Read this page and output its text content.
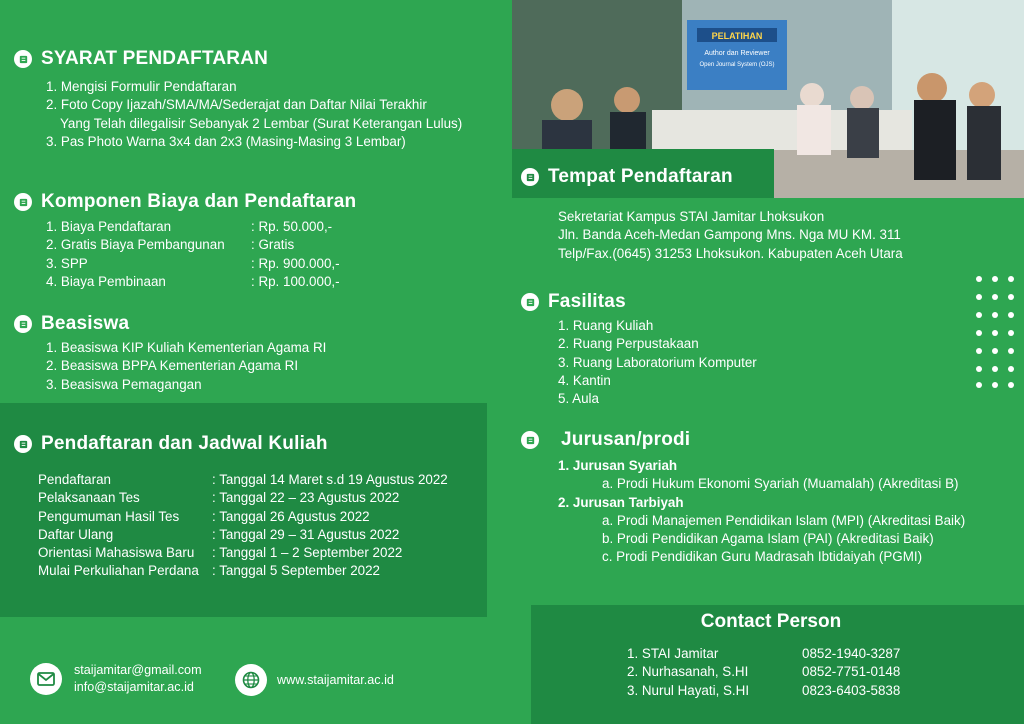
SYARAT PENDAFTARAN
1. Mengisi Formulir Pendaftaran
2. Foto Copy Ijazah/SMA/MA/Sederajat dan Daftar Nilai Terakhir
Yang Telah dilegalisir Sebanyak 2 Lembar (Surat Keterangan Lulus)
3. Pas Photo Warna 3x4 dan 2x3 (Masing-Masing 3 Lembar)
Komponen Biaya dan Pendaftaran
1. Biaya Pendaftaran	: Rp. 50.000,-
2. Gratis Biaya Pembangunan	: Gratis
3. SPP	: Rp. 900.000,-
4. Biaya Pembinaan	: Rp. 100.000,-
Beasiswa
1. Beasiswa KIP Kuliah Kementerian Agama RI
2. Beasiswa BPPA Kementerian Agama RI
3. Beasiswa Pemagangan
Pendaftaran dan Jadwal Kuliah
Pendaftaran	: Tanggal 14 Maret s.d 19 Agustus 2022
Pelaksanaan Tes	: Tanggal 22 – 23 Agustus 2022
Pengumuman Hasil Tes	: Tanggal 26 Agustus 2022
Daftar Ulang	: Tanggal 29 – 31 Agustus 2022
Orientasi Mahasiswa Baru	: Tanggal 1 – 2 September 2022
Mulai Perkuliahan Perdana : Tanggal 5 September 2022
staijamitar@gmail.com
info@staijamitar.ac.id
www.staijamitar.ac.id
PELATIHAN
Author dan Reviewer
Open Journal System (OJS)
Tempat Pendaftaran
Sekretariat Kampus STAI Jamitar Lhoksukon
Jln. Banda Aceh-Medan Gampong Mns. Nga MU KM. 311
Telp/Fax.(0645) 31253 Lhoksukon. Kabupaten Aceh Utara
Fasilitas
1. Ruang Kuliah
2. Ruang Perpustakaan
3. Ruang Laboratorium Komputer
4. Kantin
5. Aula
Jurusan/prodi
1. Jurusan Syariah
a. Prodi Hukum Ekonomi Syariah (Muamalah) (Akreditasi B)
2. Jurusan Tarbiyah
a. Prodi Manajemen Pendidikan Islam (MPI) (Akreditasi Baik)
b. Prodi Pendidikan Agama Islam (PAI) (Akreditasi Baik)
c. Prodi Pendidikan Guru Madrasah Ibtidaiyah (PGMI)
Contact Person
1. STAI Jamitar	0852-1940-3287
2. Nurhasanah, S.HI	0852-7751-0148
3. Nurul Hayati, S.HI	0823-6403-5838
